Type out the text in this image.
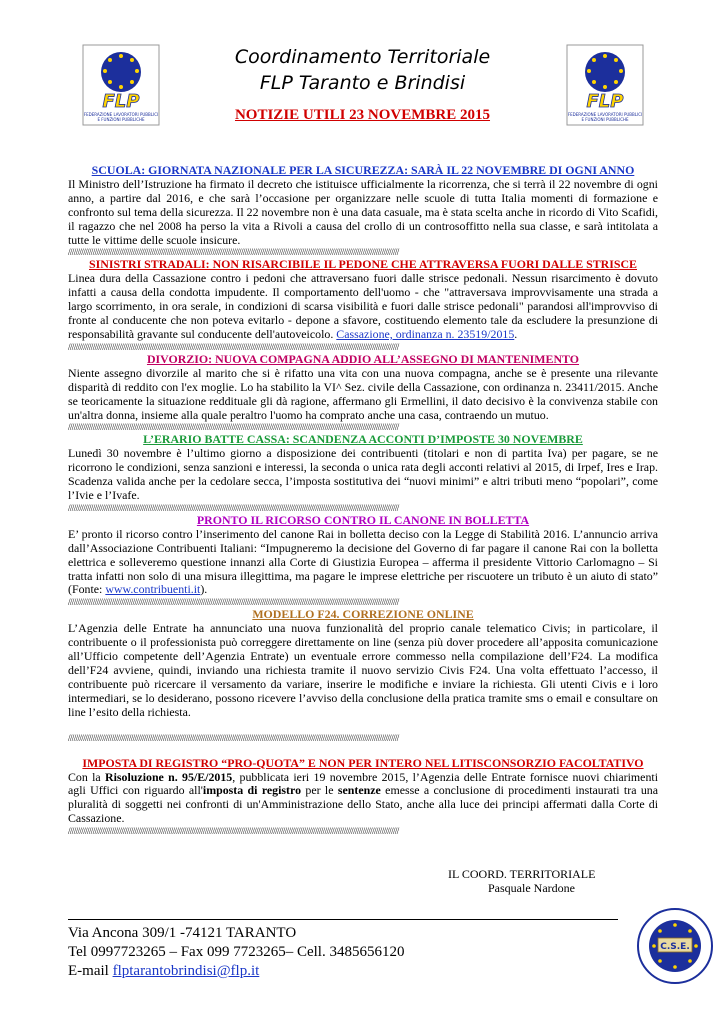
FLP
FEDERAZIONE LAVORATORI PUBBLICI
E FUNZIONI PUBBLICHE
FLP
FEDERAZIONE LAVORATORI PUBBLICI
E FUNZIONI PUBBLICHE
Coordinamento Territoriale
FLP Taranto e Brindisi
NOTIZIE UTILI 23 NOVEMBRE 2015
SCUOLA: GIORNATA NAZIONALE PER LA SICUREZZA: SARÀ IL 22 NOVEMBRE DI OGNI ANNO
Il Ministro dell’Istruzione ha firmato il decreto che istituisce ufficialmente la ricorrenza, che si terrà il 22 novembre di ogni anno, a partire dal 2016, e che sarà l’occasione per organizzare nelle scuole di tutta Italia momenti di formazione e confronto sul tema della sicurezza. Il 22 novembre non è una data casuale, ma è stata scelta anche in ricordo di Vito Scafidi, il ragazzo che nel 2008 ha perso la vita a Rivoli a causa del crollo di un controsoffitto nella sua classe, e sarà intitolata a tutte le vittime delle scuole insicure.
//////////////////////////////////////////////////////////////////////////////////////////////////////////////////////////////////////////////////////////////////////////////
SINISTRI STRADALI: NON RISARCIBILE IL PEDONE CHE ATTRAVERSA FUORI DALLE STRISCE
Linea dura della Cassazione contro i pedoni che attraversano fuori dalle strisce pedonali. Nessun risarcimento è dovuto infatti a causa della condotta impudente. Il comportamento dell'uomo - che "attraversava improvvisamente una strada a largo scorrimento, in ora serale, in condizioni di scarsa visibilità e fuori dalle strisce pedonali" parandosi all'improvviso di fronte al conducente che non poteva evitarlo - depone a sfavore, costituendo elemento tale da escludere la presunzione di responsabilità gravante sul conducente dell'autoveicolo. Cassazione, ordinanza n. 23519/2015.
//////////////////////////////////////////////////////////////////////////////////////////////////////////////////////////////////////////////////////////////////////////////
DIVORZIO: NUOVA COMPAGNA ADDIO ALL’ASSEGNO DI MANTENIMENTO
Niente assegno divorzile al marito che si è rifatto una vita con una nuova compagna, anche se è presente una rilevante disparità di reddito con l'ex moglie. Lo ha stabilito la VI^ Sez. civile della Cassazione, con ordinanza n. 23411/2015. Anche se teoricamente la situazione reddituale gli dà ragione, affermano gli Ermellini, il dato decisivo è la convivenza stabile con un'altra donna, insieme alla quale peraltro l'uomo ha comprato anche una casa, contraendo un mutuo.
//////////////////////////////////////////////////////////////////////////////////////////////////////////////////////////////////////////////////////////////////////////////
L’ERARIO BATTE CASSA: SCANDENZA ACCONTI D’IMPOSTE 30 NOVEMBRE
Lunedì 30 novembre è l’ultimo giorno a disposizione dei contribuenti (titolari e non di partita Iva) per pagare, se ne ricorrono le condizioni, senza sanzioni e interessi, la seconda o unica rata degli acconti relativi al 2015, di Irpef, Ires e Irap. Scadenza valida anche per la cedolare secca, l’imposta sostitutiva dei “nuovi minimi” e altri tributi meno “popolari”, come l’Ivie e l’Ivafe.
//////////////////////////////////////////////////////////////////////////////////////////////////////////////////////////////////////////////////////////////////////////////
PRONTO IL RICORSO CONTRO IL CANONE IN BOLLETTA
E’ pronto il ricorso contro l’inserimento del canone Rai in bolletta deciso con la Legge di Stabilità 2016. L’annuncio arriva dall’Associazione Contribuenti Italiani: “Impugneremo la decisione del Governo di far pagare il canone Rai con la bolletta elettrica e solleveremo questione innanzi alla Corte di Giustizia Europea – afferma il presidente Vittorio Carlomagno – Si tratta infatti non solo di una misura illegittima, ma pagare le imprese elettriche per riscuotere un tributo è un aiuto di stato” (Fonte: www.contribuenti.it).
//////////////////////////////////////////////////////////////////////////////////////////////////////////////////////////////////////////////////////////////////////////////
MODELLO F24. CORREZIONE ONLINE
L’Agenzia delle Entrate ha annunciato una nuova funzionalità del proprio canale telematico Civis; in particolare, il contribuente o il professionista può correggere direttamente on line (senza più dover procedere all’apposita comunicazione all’Ufficio competente dell’Agenzia Entrate) un eventuale errore commesso nella compilazione dell’F24. La modifica dell’F24 avviene, quindi, inviando una richiesta tramite il nuovo servizio Civis F24. Una volta effettuato l’accesso, il contribuente può ricercare il versamento da variare, inserire le modifiche e inviare la richiesta. Gli utenti Civis e i loro intermediari, se lo desiderano, possono ricevere l’avviso della conclusione della pratica tramite sms o email e consultare on line l’esito della richiesta.
//////////////////////////////////////////////////////////////////////////////////////////////////////////////////////////////////////////////////////////////////////////////
IMPOSTA DI REGISTRO “PRO-QUOTA” E NON PER INTERO NEL LITISCONSORZIO FACOLTATIVO
Con la Risoluzione n. 95/E/2015, pubblicata ieri 19 novembre 2015, l’Agenzia delle Entrate fornisce nuovi chiarimenti agli Uffici con riguardo all'imposta di registro per le sentenze emesse a conclusione di procedimenti instaurati tra una pluralità di soggetti nei confronti di un'Amministrazione dello Stato, anche alla luce dei principi affermati dalla Corte di Cassazione.
//////////////////////////////////////////////////////////////////////////////////////////////////////////////////////////////////////////////////////////////////////////////
IL COORD. TERRITORIALE
Pasquale Nardone
Via Ancona 309/1 -74121 TARANTO
Tel 0997723265 – Fax 099 7723265– Cell. 3485656120
E-mail flptarantobrindisi@flp.it
C.S.E.
